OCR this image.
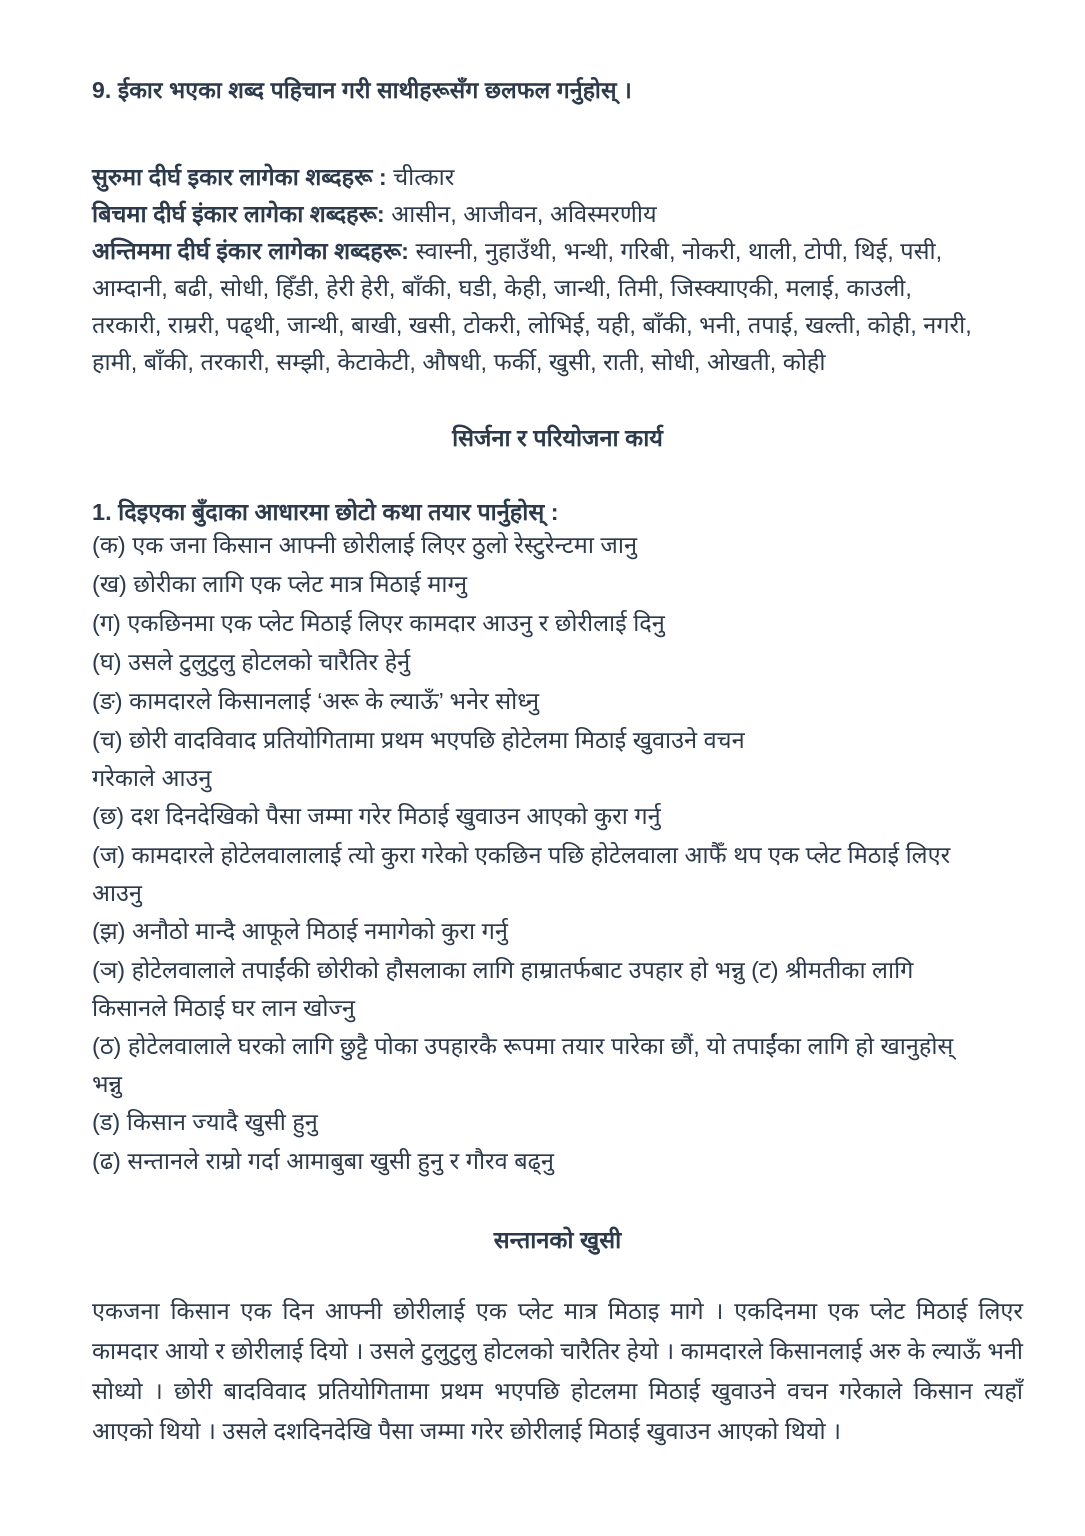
9. ईकार भएका शब्द पहिचान गरी साथीहरूसँग छलफल गर्नुहोस् ।

सुरुमा दीर्घ इकार लागेका शब्दहरू : चीत्कार

बिचमा दीर्घ इंकार लागेका शब्दहरू: आसीन, आजीवन, अविस्मरणीय

अन्तिममा दीर्घ इंकार लागेका शब्दहरू: स्वास्नी, नुहाउँथी, भन्थी, गरिबी, नोकरी, थाली, टोपी, थिई, पसी,

आम्दानी, बढी, सोधी, हिँडी, हेरी हेरी, बाँकी, घडी, केही, जान्थी, तिमी, जिस्क्याएकी, मलाई, काउली,

तरकारी, राम्ररी, पढ्थी, जान्थी, बाखी, खसी, टोकरी, लोभिई, यही, बाँकी, भनी, तपाई, खल्ती, कोही, नगरी,

हामी, बाँकी, तरकारी, सम्झी, केटाकेटी, औषधी, फर्की, खुसी, राती, सोधी, ओखती, कोही

सिर्जना र परियोजना कार्य

1. दिइएका बुँदाका आधारमा छोटो कथा तयार पार्नुहोस् :

(क) एक जना किसान आफ्नी छोरीलाई लिएर ठुलो रेस्टुरेन्टमा जानु
(ख) छोरीका लागि एक प्लेट मात्र मिठाई माग्नु
(ग) एकछिनमा एक प्लेट मिठाई लिएर कामदार आउनु र छोरीलाई दिनु
(घ) उसले टुलुटुलु होटलको चारैतिर हेर्नु
(ङ) कामदारले किसानलाई ‘अरू के ल्याऊँ’ भनेर सोध्नु
(च) छोरी वादविवाद प्रतियोगितामा प्रथम भएपछि होटेलमा मिठाई खुवाउने वचन
गरेकाले आउनु
(छ) दश दिनदेखिको पैसा जम्मा गरेर मिठाई खुवाउन आएको कुरा गर्नु
(ज) कामदारले होटेलवालालाई त्यो कुरा गरेको एकछिन पछि होटेलवाला आफैँ थप एक प्लेट मिठाई लिएर
आउनु
(झ) अनौठो मान्दै आफूले मिठाई नमागेको कुरा गर्नु
(ञ) होटेलवालाले तपाईंकी छोरीको हौसलाका लागि हाम्रातर्फबाट उपहार हो भन्नु (ट) श्रीमतीका लागि
किसानले मिठाई घर लान खोज्नु
(ठ) होटेलवालाले घरको लागि छुट्टै पोका उपहारकै रूपमा तयार पारेका छौं, यो तपाईंका लागि हो खानुहोस्
भन्नु
(ड) किसान ज्यादै खुसी हुनु
(ढ) सन्तानले राम्रो गर्दा आमाबुबा खुसी हुनु र गौरव बढ्नु

सन्तानको खुसी

एकजना किसान एक दिन आफ्नी छोरीलाई एक प्लेट मात्र मिठाइ मागे । एकदिनमा एक प्लेट मिठाई लिएर कामदार आयो र छोरीलाई दियो । उसले टुलुटुलु होटलको चारैतिर हेयो । कामदारले किसानलाई अरु के ल्याऊँ भनी सोध्यो । छोरी बादविवाद प्रतियोगितामा प्रथम भएपछि होटलमा मिठाई खुवाउने वचन गरेकाले किसान त्यहाँ आएको थियो । उसले दशदिनदेखि पैसा जम्मा गरेर छोरीलाई मिठाई खुवाउन आएको थियो ।
